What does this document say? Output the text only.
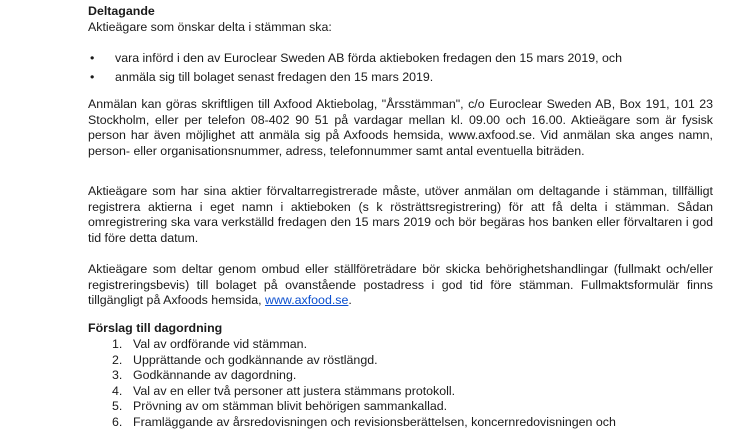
Deltagande
Aktieägare som önskar delta i stämman ska:
• vara införd i den av Euroclear Sweden AB förda aktieboken fredagen den 15 mars 2019, och
• anmäla sig till bolaget senast fredagen den 15 mars 2019.
Anmälan kan göras skriftligen till Axfood Aktiebolag, "Årsstämman", c/o Euroclear Sweden AB, Box 191, 101 23 Stockholm, eller per telefon 08-402 90 51 på vardagar mellan kl. 09.00 och 16.00. Aktieägare som är fysisk person har även möjlighet att anmäla sig på Axfoods hemsida, www.axfood.se. Vid anmälan ska anges namn, person- eller organisationsnummer, adress, telefonnummer samt antal eventuella biträden.
Aktieägare som har sina aktier förvaltarregistrerade måste, utöver anmälan om deltagande i stämman, tillfälligt registrera aktierna i eget namn i aktieboken (s k rösträttsregistrering) för att få delta i stämman. Sådan omregistrering ska vara verkställd fredagen den 15 mars 2019 och bör begäras hos banken eller förvaltaren i god tid före detta datum.
Aktieägare som deltar genom ombud eller ställföreträdare bör skicka behörighetshandlingar (fullmakt och/eller registreringsbevis) till bolaget på ovanstående postadress i god tid före stämman. Fullmaktsformulär finns tillgängligt på Axfoods hemsida, www.axfood.se.
Förslag till dagordning
1. Val av ordförande vid stämman.
2. Upprättande och godkännande av röstlängd.
3. Godkännande av dagordning.
4. Val av en eller två personer att justera stämmans protokoll.
5. Prövning av om stämman blivit behörigen sammankallad.
6. Framläggande av årsredovisningen och revisionsberättelsen, koncernredovisningen och
